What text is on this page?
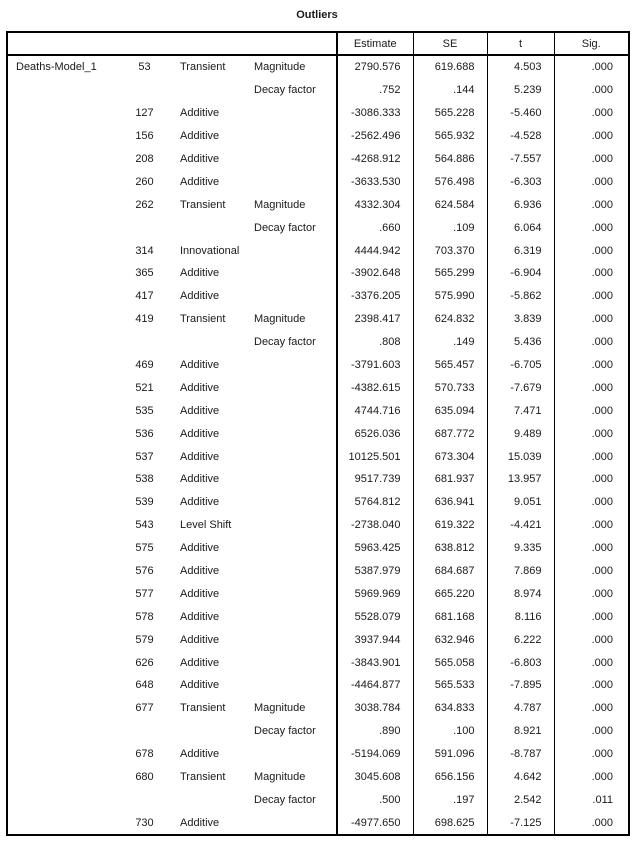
Outliers
				Estimate	SE	t	Sig.
Deaths-Model_1	53	Transient	Magnitude	2790.576	619.688	4.503	.000
			Decay factor	.752	.144	5.239	.000
	127	Additive		-3086.333	565.228	-5.460	.000
	156	Additive		-2562.496	565.932	-4.528	.000
	208	Additive		-4268.912	564.886	-7.557	.000
	260	Additive		-3633.530	576.498	-6.303	.000
	262	Transient	Magnitude	4332.304	624.584	6.936	.000
			Decay factor	.660	.109	6.064	.000
	314	Innovational		4444.942	703.370	6.319	.000
	365	Additive		-3902.648	565.299	-6.904	.000
	417	Additive		-3376.205	575.990	-5.862	.000
	419	Transient	Magnitude	2398.417	624.832	3.839	.000
			Decay factor	.808	.149	5.436	.000
	469	Additive		-3791.603	565.457	-6.705	.000
	521	Additive		-4382.615	570.733	-7.679	.000
	535	Additive		4744.716	635.094	7.471	.000
	536	Additive		6526.036	687.772	9.489	.000
	537	Additive		10125.501	673.304	15.039	.000
	538	Additive		9517.739	681.937	13.957	.000
	539	Additive		5764.812	636.941	9.051	.000
	543	Level Shift		-2738.040	619.322	-4.421	.000
	575	Additive		5963.425	638.812	9.335	.000
	576	Additive		5387.979	684.687	7.869	.000
	577	Additive		5969.969	665.220	8.974	.000
	578	Additive		5528.079	681.168	8.116	.000
	579	Additive		3937.944	632.946	6.222	.000
	626	Additive		-3843.901	565.058	-6.803	.000
	648	Additive		-4464.877	565.533	-7.895	.000
	677	Transient	Magnitude	3038.784	634.833	4.787	.000
			Decay factor	.890	.100	8.921	.000
	678	Additive		-5194.069	591.096	-8.787	.000
	680	Transient	Magnitude	3045.608	656.156	4.642	.000
			Decay factor	.500	.197	2.542	.011
	730	Additive		-4977.650	698.625	-7.125	.000
